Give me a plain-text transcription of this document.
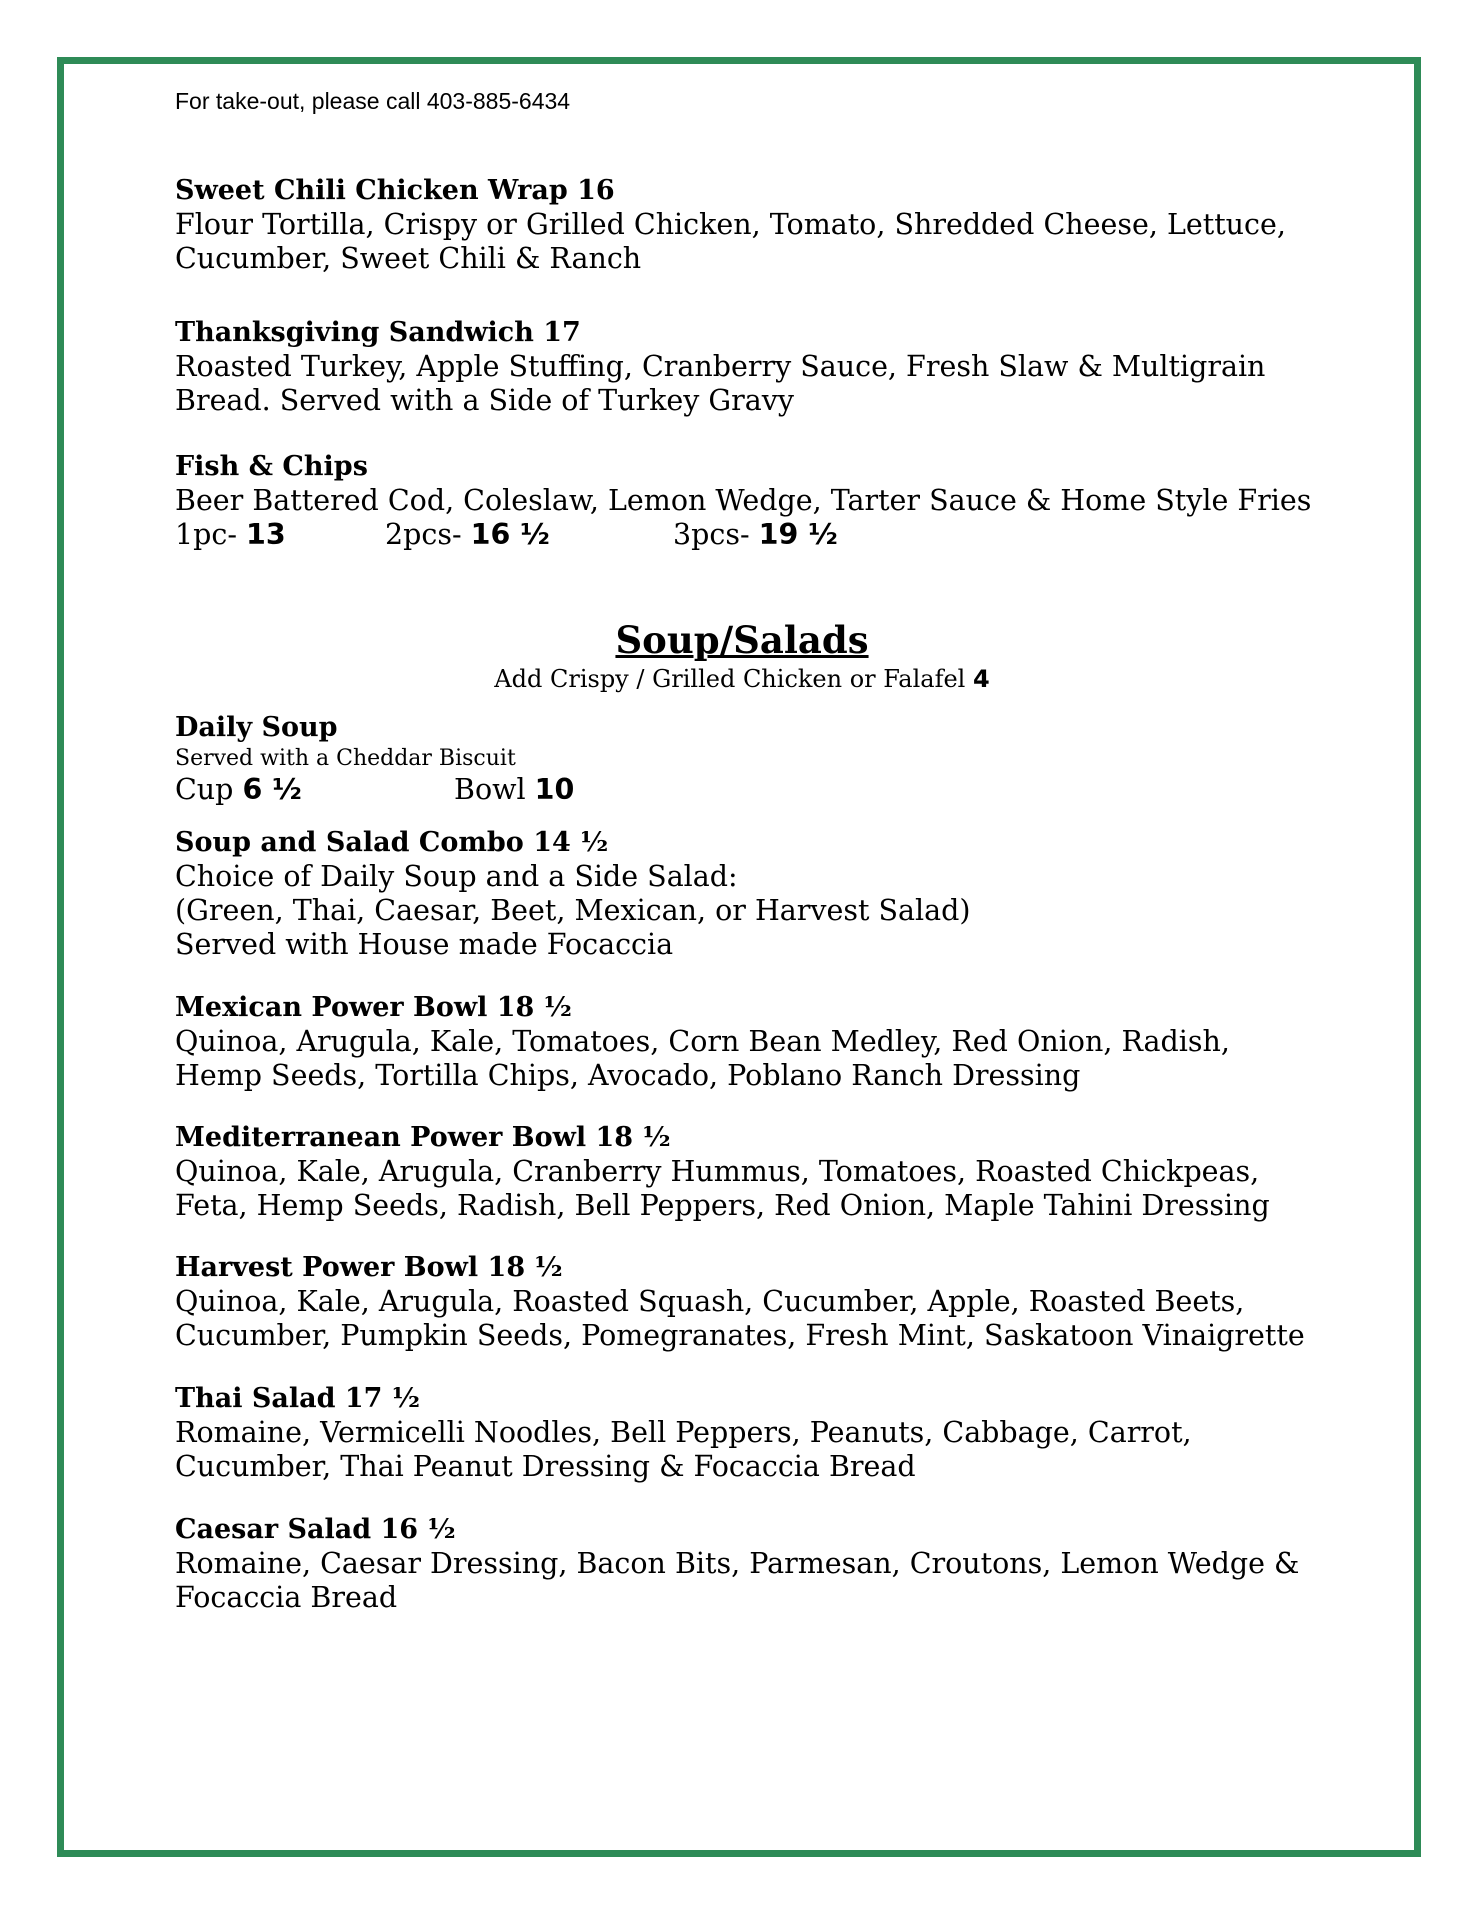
For take-out, please call 403-885-6434
Sweet Chili Chicken Wrap 16
Flour Tortilla, Crispy or Grilled Chicken, Tomato, Shredded Cheese, Lettuce,
Cucumber, Sweet Chili & Ranch
Thanksgiving Sandwich 17
Roasted Turkey, Apple Stuffing, Cranberry Sauce, Fresh Slaw & Multigrain
Bread. Served with a Side of Turkey Gravy
Fish & Chips
Beer Battered Cod, Coleslaw, Lemon Wedge, Tarter Sauce & Home Style Fries
1pc- 13	2pcs- 16 ½	3pcs- 19 ½
Soup/Salads
Add Crispy / Grilled Chicken or Falafel 4
Daily Soup
Served with a Cheddar Biscuit
Cup 6 ½	Bowl 10
Soup and Salad Combo 14 ½
Choice of Daily Soup and a Side Salad:
(Green, Thai, Caesar, Beet, Mexican, or Harvest Salad)
Served with House made Focaccia
Mexican Power Bowl 18 ½
Quinoa, Arugula, Kale, Tomatoes, Corn Bean Medley, Red Onion, Radish,
Hemp Seeds, Tortilla Chips, Avocado, Poblano Ranch Dressing
Mediterranean Power Bowl 18 ½
Quinoa, Kale, Arugula, Cranberry Hummus, Tomatoes, Roasted Chickpeas,
Feta, Hemp Seeds, Radish, Bell Peppers, Red Onion, Maple Tahini Dressing
Harvest Power Bowl 18 ½
Quinoa, Kale, Arugula, Roasted Squash, Cucumber, Apple, Roasted Beets,
Cucumber, Pumpkin Seeds, Pomegranates, Fresh Mint, Saskatoon Vinaigrette
Thai Salad 17 ½
Romaine, Vermicelli Noodles, Bell Peppers, Peanuts, Cabbage, Carrot,
Cucumber, Thai Peanut Dressing & Focaccia Bread
Caesar Salad 16 ½
Romaine, Caesar Dressing, Bacon Bits, Parmesan, Croutons, Lemon Wedge &
Focaccia Bread
